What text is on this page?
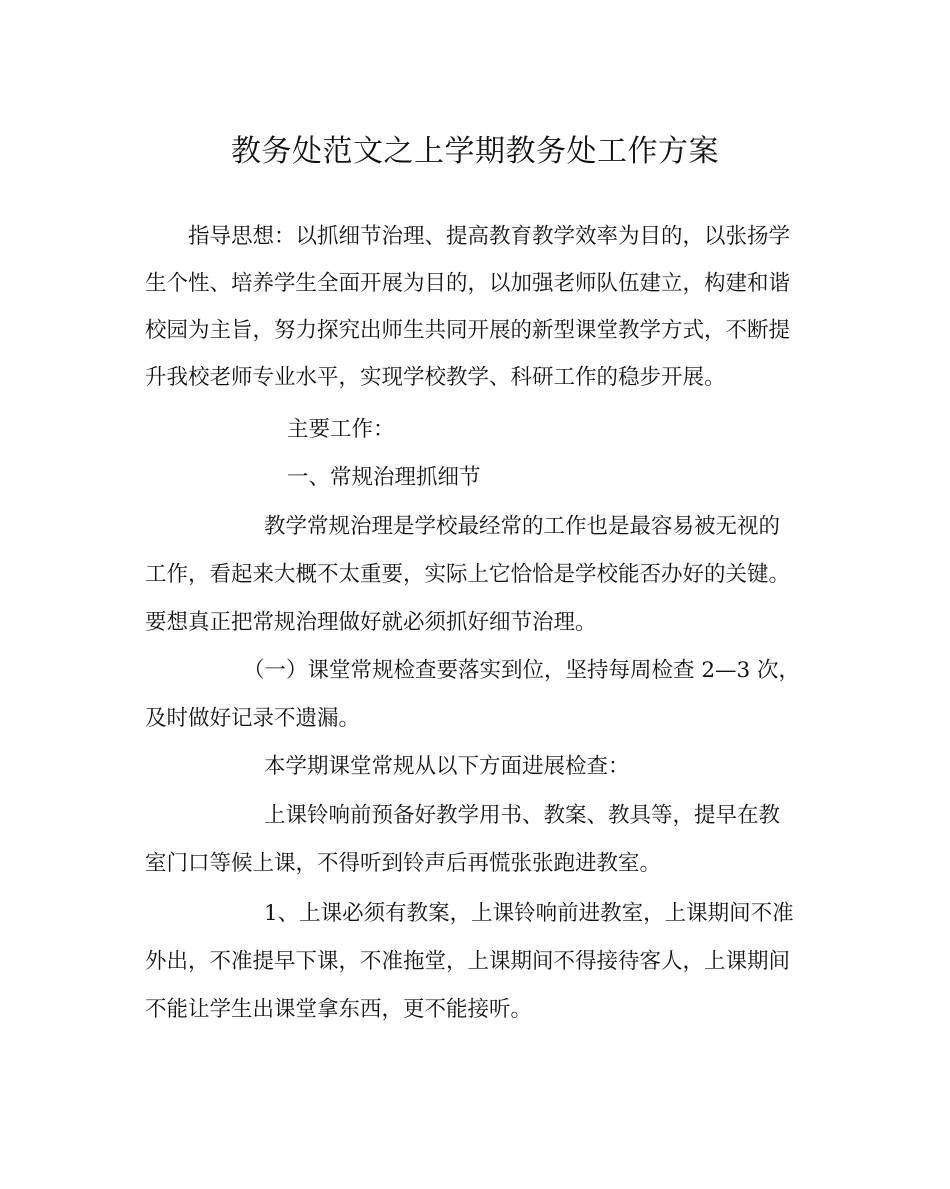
教务处范文之上学期教务处工作方案
指导思想：以抓细节治理、提高教育教学效率为目的，以张扬学
生个性、培养学生全面开展为目的，以加强老师队伍建立，构建和谐
校园为主旨，努力探究出师生共同开展的新型课堂教学方式，不断提
升我校老师专业水平，实现学校教学、科研工作的稳步开展。
主要工作：
一、常规治理抓细节
教学常规治理是学校最经常的工作也是最容易被无视的
工作，看起来大概不太重要，实际上它恰恰是学校能否办好的关键。
要想真正把常规治理做好就必须抓好细节治理。
（一）课堂常规检查要落实到位，坚持每周检查 2—3 次，
及时做好记录不遗漏。
本学期课堂常规从以下方面进展检查：
上课铃响前预备好教学用书、教案、教具等，提早在教
室门口等候上课，不得听到铃声后再慌张张跑进教室。
1、上课必须有教案，上课铃响前进教室，上课期间不准
外出，不准提早下课，不准拖堂，上课期间不得接待客人，上课期间
不能让学生出课堂拿东西，更不能接听。
